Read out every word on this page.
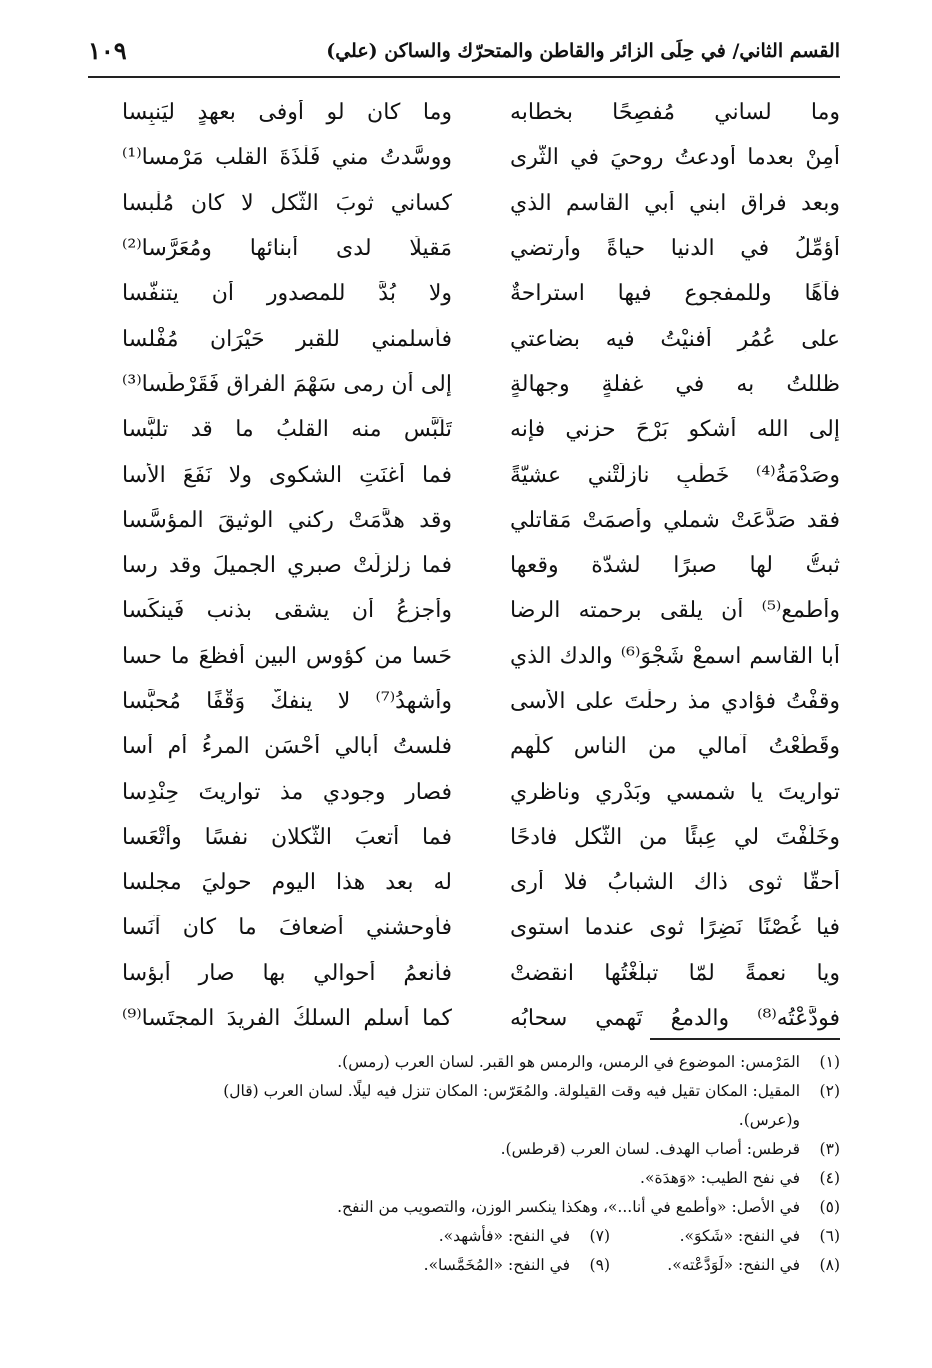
القسم الثاني/ في حِلَى الزائر والقاطن والمتحرّك والساكن (علي)
١٠٩
وما لساني مُفصِحًا بخطابه
وما كان لو أوفى بعهدٍ ليَنبِسا
أمِنْ بعدما أودعتُ روحيَ في الثّرى
ووسَّدتُ مني فَلْذَةَ القلب مَرْمسا⁽¹⁾
وبعد فراق ابني أبي القاسم الذي
كساني ثوبَ الثُّكل لا كان مُلْبسا
أُؤمِّلُ في الدنيا حياةً وأرتضي
مَقيلًا لدى أبنائها ومُعَرَّسا⁽²⁾
فآهًا وللمفجوع فيها استراحةٌ
ولا بُدَّ للمصدور أن يتنفَّسا
على عُمُرٍ أفنيْتُ فيه بضاعتي
فأسلمني للقبر حَيْرَان مُفْلسا
ظللتُ به في غفلةٍ وجهالةٍ
إلى أن رمى سَهْمَ الفراقِ فَقَرْطَسا⁽³⁾
إلى الله أشكو بَرْحَ حزني فإنه
تَلَبَّس منه القلبُ ما قد تلبَّسا
وصَدْمَةُ⁽⁴⁾ خَطْبٍ نازلَتْني عشيّةً
فما أغنَتِ الشكوى ولا نَفَعَ الأسا
فقد صَدَّعَتْ شملي وأصمَتْ مَقاتلي
وقد هدَّمَتْ ركني الوثيقَ المؤسَّسا
ثبتُّ لها صبرًا لشدّة وقعها
فما زلزلَتْ صبري الجميلَ وقد رسا
وأطمع⁽⁵⁾ أن يلقى برحمته الرضا
وأجزعُ أن يشقى بذنب فَينكَسا
أبا القاسم اسمعْ شَجْوَ⁽⁶⁾ والدك الذي
حَسا من كؤوس البين أفظعَ ما حسا
وقفْتُ فؤادي مذ رحلْتَ على الأسى
وأشهدُ⁽⁷⁾ لا ينفكُّ وَقْفًا مُحبَّسا
وقَطَّعْتُ آمالي من الناس كلِّهم
فلستُ أبالي أحْسَن المرءُ أم أسا
تواريتَ يا شمسي وبَدْري وناظري
فصار وجودي مذ تواريتَ حِنْدِسا
وخَلَّفْتَ لي عِبئًا من الثُّكل فادحًا
فما أتعبَ الثُّكلان نفسًا وأتْعَسا
أحقًّا ثوى ذاك الشبابُ فلا أرى
له بعد هذا اليوم حوليَ مجلسا
فيا غُصْنًا نَضِرًا ثوى عندما استوى
فأوحشني أضعافَ ما كان آنَسا
ويا نعمةً لمّا تبلَّغْتُها انقضتْ
فأنعمُ أحوالي بها صار أبؤسا
فودَّعْتُه⁽⁸⁾ والدمعُ تَهمي سحابُه
كما أسلم السلكُ الفريدَ المجتَسا⁽⁹⁾
(١)
المَرْمس: الموضوع في الرمس، والرمس هو القبر. لسان العرب (رمس).
(٢)
المقيل: المكان تقيل فيه وقت القيلولة. والمُعَرّس: المكان تنزل فيه ليلًا. لسان العرب (قال)
و(عرس).
(٣)
قرطس: أصاب الهدف. لسان العرب (قرطس).
(٤)
في نفح الطيب: «وَهدَة».
(٥)
في الأصل: «وأطمع في أنا...»، وهكذا ينكسر الوزن، والتصويب من النفح.
(٦)
في النفح: «شَكوَ».
(٧)
في النفح: «فأشهد».
(٨)
في النفح: «لَوَدَّعْته».
(٩)
في النفح: «المُخَمَّسا».
